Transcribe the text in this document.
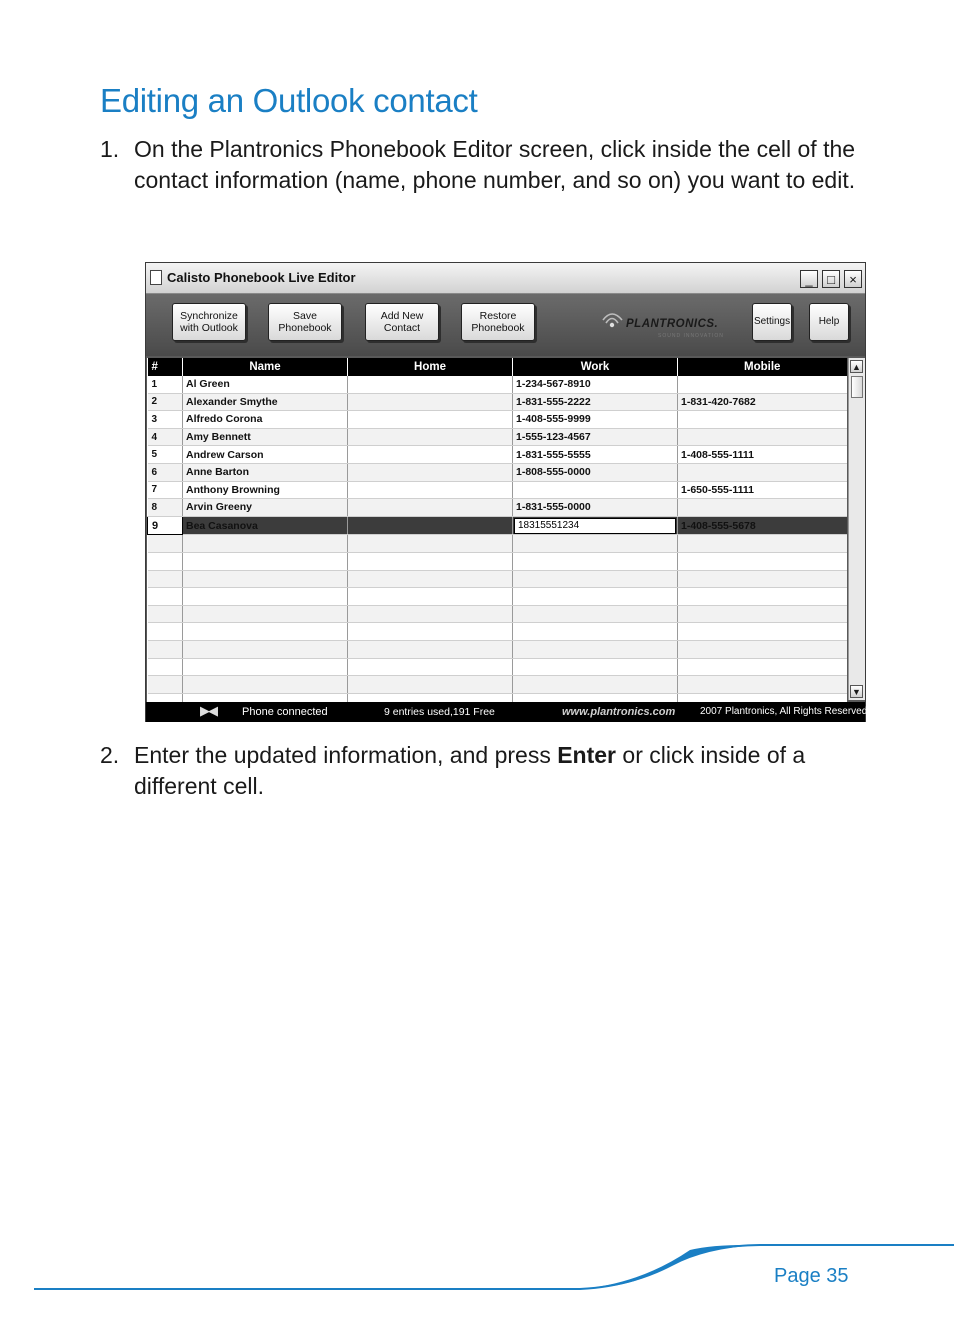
Editing an Outlook contact
1. On the Plantronics Phonebook Editor screen, click inside the cell of the contact information (name, phone number, and so on) you want to edit.
Calisto Phonebook Live Editor	_	□	×
Synchronize with Outlook
Save Phonebook
Add New Contact
Restore Phonebook	PLANTRONICS.
SOUND INNOVATION
Settings	Help
#	Name	Home	Work	Mobile
1	Al Green		1-234-567-8910	
2	Alexander Smythe		1-831-555-2222	1-831-420-7682
3	Alfredo Corona		1-408-555-9999	
4	Amy Bennett		1-555-123-4567	
5	Andrew Carson		1-831-555-5555	1-408-555-1111
6	Anne Barton		1-808-555-0000	
7	Anthony Browning			1-650-555-1111
8	Arvin Greeny		1-831-555-0000	
9	Bea Casanova		18315551234	1-408-555-5678

▲
▼
▶◀ Phone connected	9 entries used,191 Free	www.plantronics.com 2007 Plantronics, All Rights Reserved
2. Enter the updated information, and press Enter or click inside of a different cell.
Page 35
